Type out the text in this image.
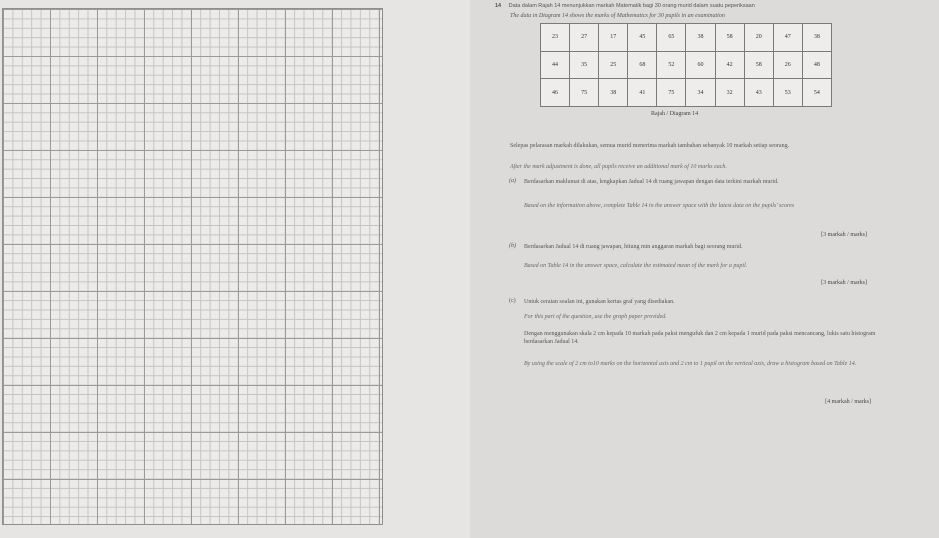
14 Data dalam Rajah 14 menunjukkan markah Matematik bagi 30 orang murid dalam suatu peperiksaan
The data in Diagram 14 shows the marks of Mathematics for 30 pupils in an examination
23	27	17	45	65	38	58	20	47	38
44	35	25	68	52	60	42	58	26	48
46	75	38	41	75	34	32	43	53	54
Rajah / Diagram 14
Selepas pelarasan markah dilakukan, semua murid menerima markah tambahan sebanyak 10 markah setiap seorang.
After the mark adjustment is done, all pupils receive an additional mark of 10 marks each.
(a) Berdasarkan maklumat di atas, lengkapkan Jadual 14 di ruang jawapan dengan data terkini markah murid.
Based on the information above, complete Table 14 in the answer space with the latest data on the pupils' scores
[3 markah / marks]
(b) Berdasarkan Jadual 14 di ruang jawapan, hitung min anggaran markah bagi seorang murid.
Based on Table 14 in the answer space, calculate the estimated mean of the mark for a pupil.
[3 markah / marks]
(c) Untuk ceraian soalan ini, gunakan kertas graf yang disediakan.
For this part of the question, use the graph paper provided.
Dengan menggunakan skala 2 cm kepada 10 markah pada paksi mengufuk dan 2 cm kepada 1 murid pada paksi mencancang, lukis satu histogram berdasarkan Jadual 14.
By using the scale of 2 cm to10 marks on the horizontal axis and 2 cm to 1 pupil on the vertical axis, draw a histogram based on Table 14.
[4 markah / marks]
